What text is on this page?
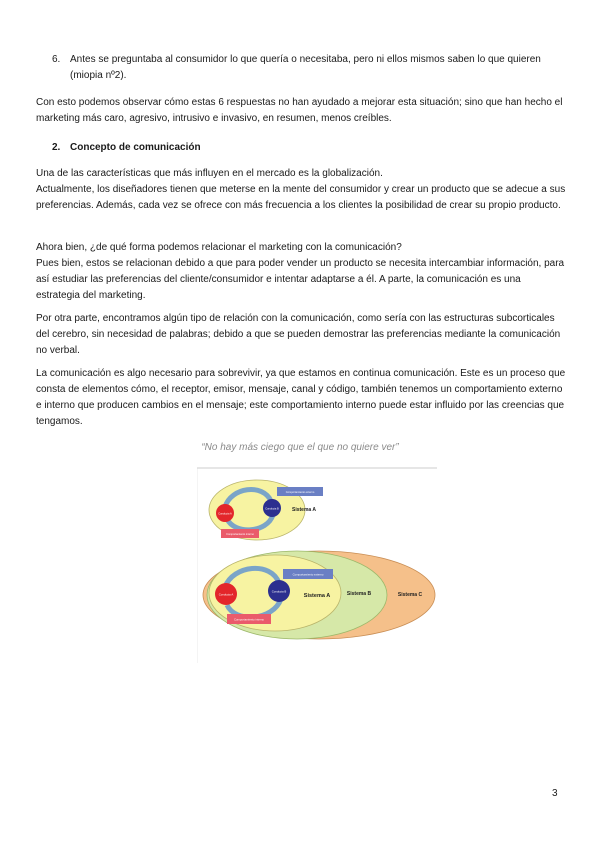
6. Antes se preguntaba al consumidor lo que quería o necesitaba, pero ni ellos mismos saben lo que quieren (miopia nº2).

Con esto podemos observar cómo estas 6 respuestas no han ayudado a mejorar esta situación; sino que han hecho el marketing más caro, agresivo, intrusivo e invasivo, en resumen, menos creíbles.

2. Concepto de comunicación

Una de las características que más influyen en el mercado es la globalización.

Actualmente, los diseñadores tienen que meterse en la mente del consumidor y crear un producto que se adecue a sus preferencias. Además, cada vez se ofrece con más frecuencia a los clientes la posibilidad de crear su propio producto.

Ahora bien, ¿de qué forma podemos relacionar el marketing con la comunicación?

Pues bien, estos se relacionan debido a que para poder vender un producto se necesita intercambiar información, para así estudiar las preferencias del cliente/consumidor e intentar adaptarse a él. A parte, la comunicación es una estrategia del marketing.

Por otra parte, encontramos algún tipo de relación con la comunicación, como sería con las estructuras subcorticales del cerebro, sin necesidad de palabras; debido a que se pueden demostrar las preferencias mediante la comunicación no verbal.

La comunicación es algo necesario para sobrevivir, ya que estamos en continua comunicación. Este es un proceso que consta de elementos cómo, el receptor, emisor, mensaje, canal y código, también tenemos un comportamiento externo e interno que producen cambios en el mensaje; este comportamiento interno puede estar influido por las creencias que tengamos.

“No hay más ciego que el que no quiere ver”

Conducta A
Conducta B
Comportamiento externo
Comportamiento interno
Sistema A
Conducta A
Conducta B
Comportamiento externo
Comportamiento interno
Sistema A	Sistema B	Sistema C
3
